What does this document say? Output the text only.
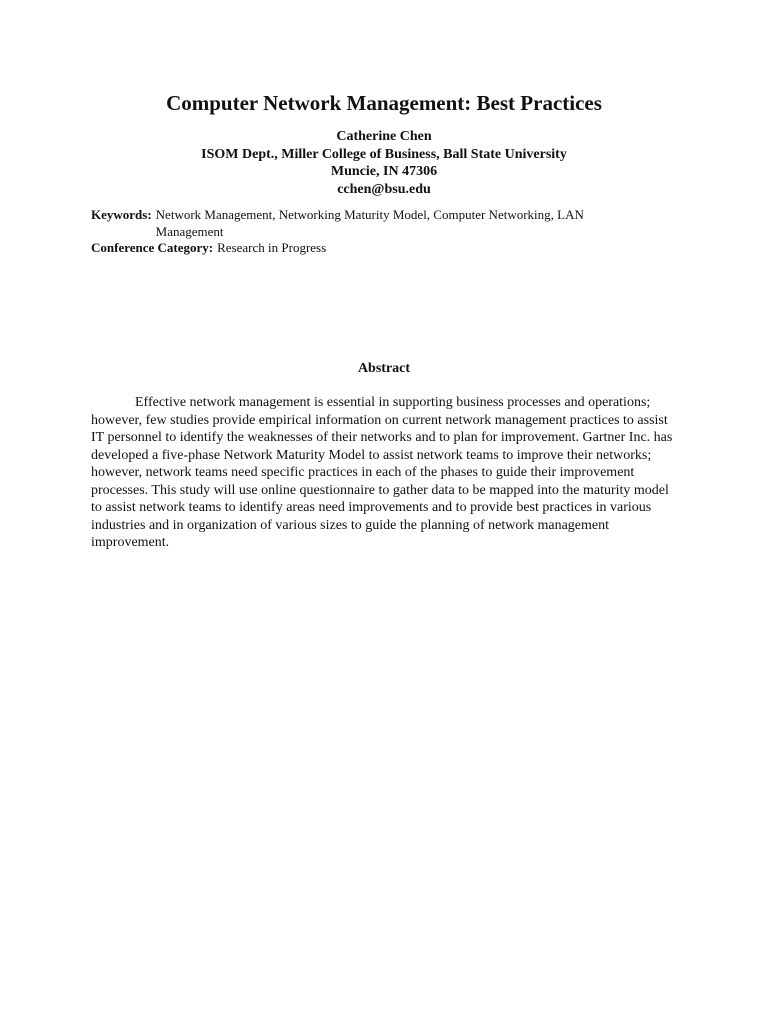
Computer Network Management: Best Practices
Catherine Chen
ISOM Dept., Miller College of Business, Ball State University
Muncie, IN 47306
cchen@bsu.edu
Keywords: Network Management, Networking Maturity Model, Computer Networking, LAN Management
Conference Category: Research in Progress
Abstract

Effective network management is essential in supporting business processes and operations; however, few studies provide empirical information on current network management practices to assist IT personnel to identify the weaknesses of their networks and to plan for improvement. Gartner Inc. has developed a five-phase Network Maturity Model to assist network teams to improve their networks; however, network teams need specific practices in each of the phases to guide their improvement processes. This study will use online questionnaire to gather data to be mapped into the maturity model to assist network teams to identify areas need improvements and to provide best practices in various industries and in organization of various sizes to guide the planning of network management improvement.
